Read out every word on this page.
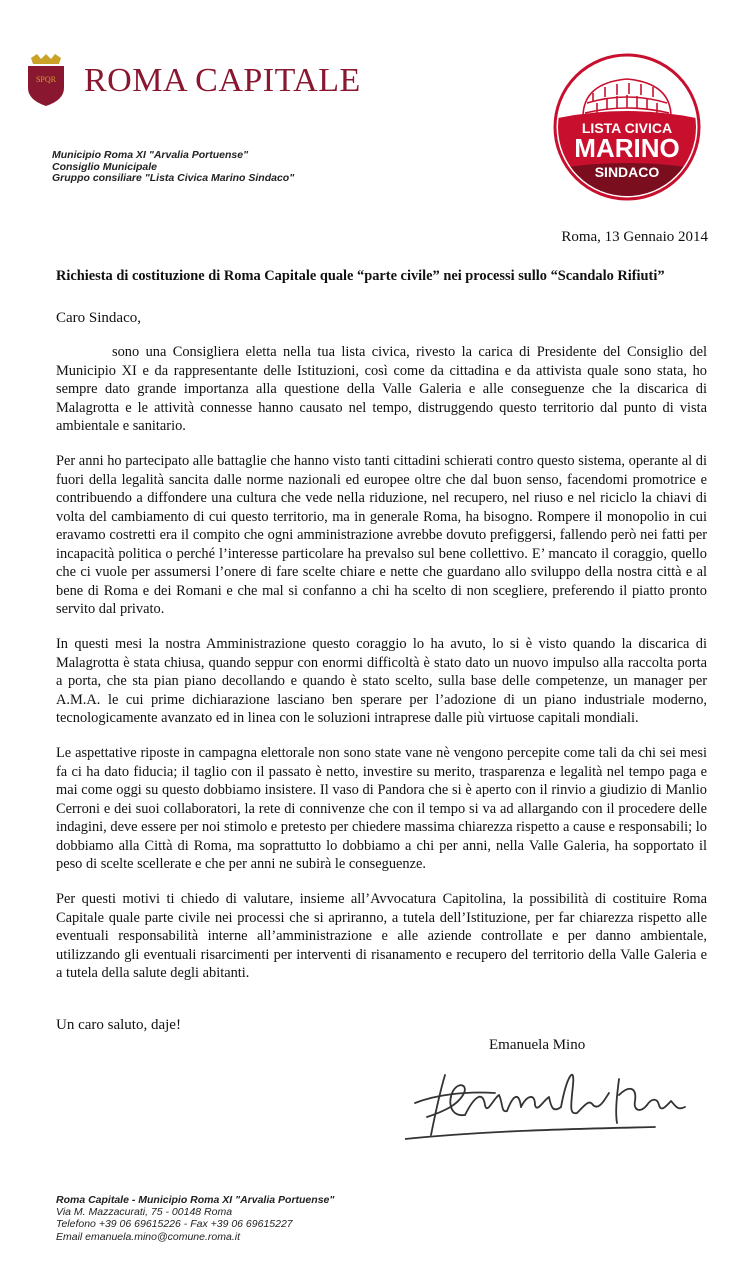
SPQR ROMA CAPITALE
Municipio Roma XI "Arvalia Portuense"
Consiglio Municipale
Gruppo consiliare "Lista Civica Marino Sindaco"
LISTA CIVICA
MARINO
SINDACO
Roma, 13 Gennaio 2014
Richiesta di costituzione di Roma Capitale quale “parte civile” nei processi sullo “Scandalo Rifiuti”
Caro Sindaco,

sono una Consigliera eletta nella tua lista civica, rivesto la carica di Presidente del Consiglio del Municipio XI e da rappresentante delle Istituzioni, così come da cittadina e da attivista quale sono stata, ho sempre dato grande importanza alla questione della Valle Galeria e alle conseguenze che la discarica di Malagrotta e le attività connesse hanno causato nel tempo, distruggendo questo territorio dal punto di vista ambientale e sanitario.

Per anni ho partecipato alle battaglie che hanno visto tanti cittadini schierati contro questo sistema, operante al di fuori della legalità sancita dalle norme nazionali ed europee oltre che dal buon senso, facendomi promotrice e contribuendo a diffondere una cultura che vede nella riduzione, nel recupero, nel riuso e nel riciclo la chiavi di volta del cambiamento di cui questo territorio, ma in generale Roma, ha bisogno. Rompere il monopolio in cui eravamo costretti era il compito che ogni amministrazione avrebbe dovuto prefiggersi, fallendo però nei fatti per incapacità politica o perché l’interesse particolare ha prevalso sul bene collettivo. E’ mancato il coraggio, quello che ci vuole per assumersi l’onere di fare scelte chiare e nette che guardano allo sviluppo della nostra città e al bene di Roma e dei Romani e che mal si confanno a chi ha scelto di non scegliere, preferendo il piatto pronto servito dal privato.

In questi mesi la nostra Amministrazione questo coraggio lo ha avuto, lo si è visto quando la discarica di Malagrotta è stata chiusa, quando seppur con enormi difficoltà è stato dato un nuovo impulso alla raccolta porta a porta, che sta pian piano decollando e quando è stato scelto, sulla base delle competenze, un manager per A.M.A. le cui prime dichiarazione lasciano ben sperare per l’adozione di un piano industriale moderno, tecnologicamente avanzato ed in linea con le soluzioni intraprese dalle più virtuose capitali mondiali.

Le aspettative riposte in campagna elettorale non sono state vane nè vengono percepite come tali da chi sei mesi fa ci ha dato fiducia; il taglio con il passato è netto, investire su merito, trasparenza e legalità nel tempo paga e mai come oggi su questo dobbiamo insistere. Il vaso di Pandora che si è aperto con il rinvio a giudizio di Manlio Cerroni e dei suoi collaboratori, la rete di connivenze che con il tempo si va ad allargando con il procedere delle indagini, deve essere per noi stimolo e pretesto per chiedere massima chiarezza rispetto a cause e responsabili; lo dobbiamo alla Città di Roma, ma soprattutto lo dobbiamo a chi per anni, nella Valle Galeria, ha sopportato il peso di scelte scellerate e che per anni ne subirà le conseguenze.

Per questi motivi ti chiedo di valutare, insieme all’Avvocatura Capitolina, la possibilità di costituire Roma Capitale quale parte civile nei processi che si apriranno, a tutela dell’Istituzione, per far chiarezza rispetto alle eventuali responsabilità interne all’amministrazione e alle aziende controllate e per danno ambientale, utilizzando gli eventuali risarcimenti per interventi di risanamento e recupero del territorio della Valle Galeria e a tutela della salute degli abitanti.

Un caro saluto, daje!
Emanuela Mino
Roma Capitale - Municipio Roma XI "Arvalia Portuense"
Via M. Mazzacurati, 75 - 00148 Roma
Telefono +39 06 69615226 - Fax +39 06 69615227
Email emanuela.mino@comune.roma.it
